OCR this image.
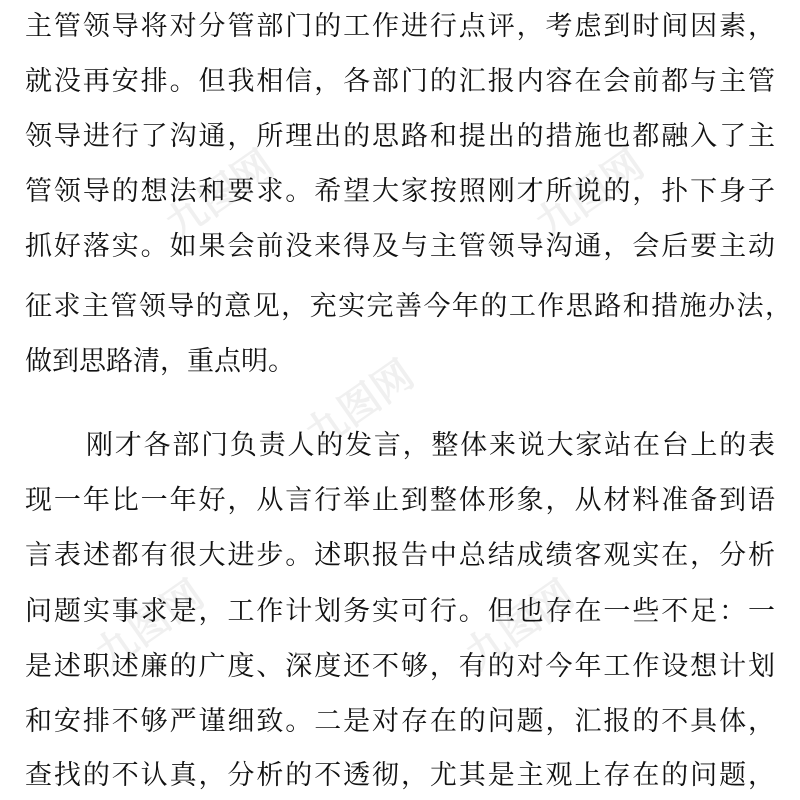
九图网	九图网
九图网
九图网	九图网
主管领导将对分管部门的工作进行点评，考虑到时间因素，
就没再安排。但我相信，各部门的汇报内容在会前都与主管
领导进行了沟通，所理出的思路和提出的措施也都融入了主
管领导的想法和要求。希望大家按照刚才所说的，扑下身子
抓好落实。如果会前没来得及与主管领导沟通，会后要主动
征求主管领导的意见，充实完善今年的工作思路和措施办法，
做到思路清，重点明。
刚才各部门负责人的发言，整体来说大家站在台上的表
现一年比一年好，从言行举止到整体形象，从材料准备到语
言表述都有很大进步。述职报告中总结成绩客观实在，分析
问题实事求是，工作计划务实可行。但也存在一些不足：一
是述职述廉的广度、深度还不够，有的对今年工作设想计划
和安排不够严谨细致。二是对存在的问题，汇报的不具体，
查找的不认真，分析的不透彻，尤其是主观上存在的问题，
